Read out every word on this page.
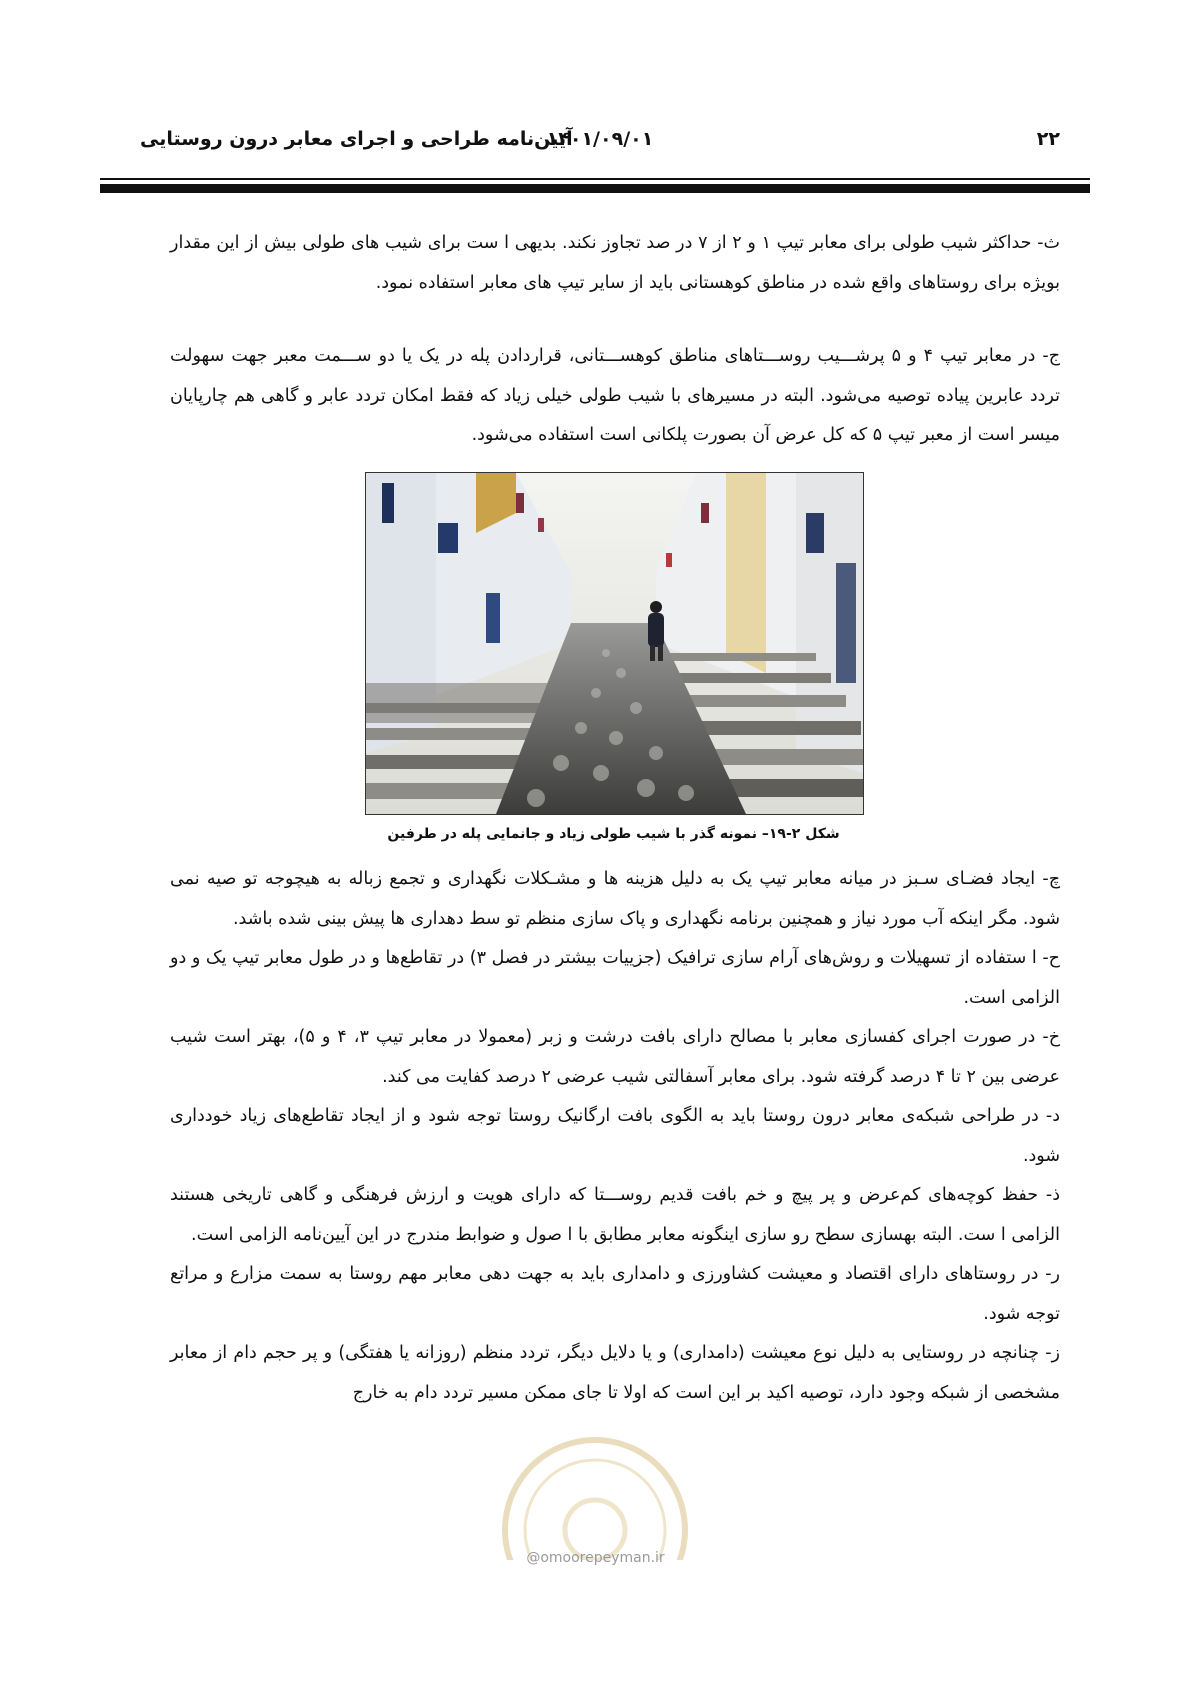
۲۲
۱۴۰۱/۰۹/۰۱
آیین‌نامه طراحی و اجرای معابر درون روستایی

ث- حداکثر شیب طولی برای معابر تیپ ۱ و ۲ از ۷ در صد تجاوز نکند. بدیهی ا ست برای شیب های طولی بیش از این مقدار بویژه برای روستاهای واقع شده در مناطق کوهستانی باید از سایر تیپ های معابر استفاده نمود.

ج- در معابر تیپ ۴ و ۵ پرشـــیب روســـتاهای مناطق کوهســـتانی، قراردادن پله در یک یا دو ســـمت معبر جهت سهولت تردد عابرین پیاده توصیه می‌شود. البته در مسیرهای با شیب طولی خیلی زیاد که فقط امکان تردد عابر و گاهی هم چارپایان میسر است از معبر تیپ ۵ که کل عرض آن بصورت پلکانی است استفاده می‌شود.

شکل ۲-۱۹– نمونه گذر با شیب طولی زیاد و جانمایی پله در طرفین

چ- ایجاد فضـای سـبز در میانه معابر تیپ یک به دلیل هزینه ها و مشـکلات نگهداری و تجمع زباله به هیچوجه تو صیه نمی شود. مگر اینکه آب مورد نیاز و همچنین برنامه نگهداری و پاک سازی منظم تو سط دهداری ها پیش بینی شده باشد.

ح- ا ستفاده از تسهیلات و روش‌های آرام سازی ترافیک (جزییات بیشتر در فصل ۳) در تقاطع‌ها و در طول معابر تیپ یک و دو الزامی است.

خ- در صورت اجرای کفسازی معابر با مصالح دارای بافت درشت و زبر (معمولا در معابر تیپ ۳، ۴ و ۵)، بهتر است شیب عرضی بین ۲ تا ۴ درصد گرفته شود. برای معابر آسفالتی شیب عرضی ۲ درصد کفایت می کند.

د- در طراحی شبکه‌ی معابر درون روستا باید به الگوی بافت ارگانیک روستا توجه شود و از ایجاد تقاطع‌های زیاد خودداری شود.

ذ- حفظ کوچه‌های کم‌عرض و پر پیچ و خم بافت قدیم روســـتا که دارای هویت و ارزش فرهنگی و گاهی تاریخی هستند الزامی ا ست. البته بهسازی سطح رو سازی اینگونه معابر مطابق با ا صول و ضوابط مندرج در این آیین‌نامه الزامی است.

ر- در روستاهای دارای اقتصاد و معیشت کشاورزی و دامداری باید به جهت دهی معابر مهم روستا به سمت مزارع و مراتع توجه شود.

ز- چنانچه در روستایی به دلیل نوع معیشت (دامداری) و یا دلایل دیگر، تردد منظم (روزانه یا هفتگی) و پر حجم دام از معابر مشخصی از شبکه وجود دارد، توصیه اکید بر این است که اولا تا جای ممکن مسیر تردد دام به خارج

@omoorepeyman.ir
